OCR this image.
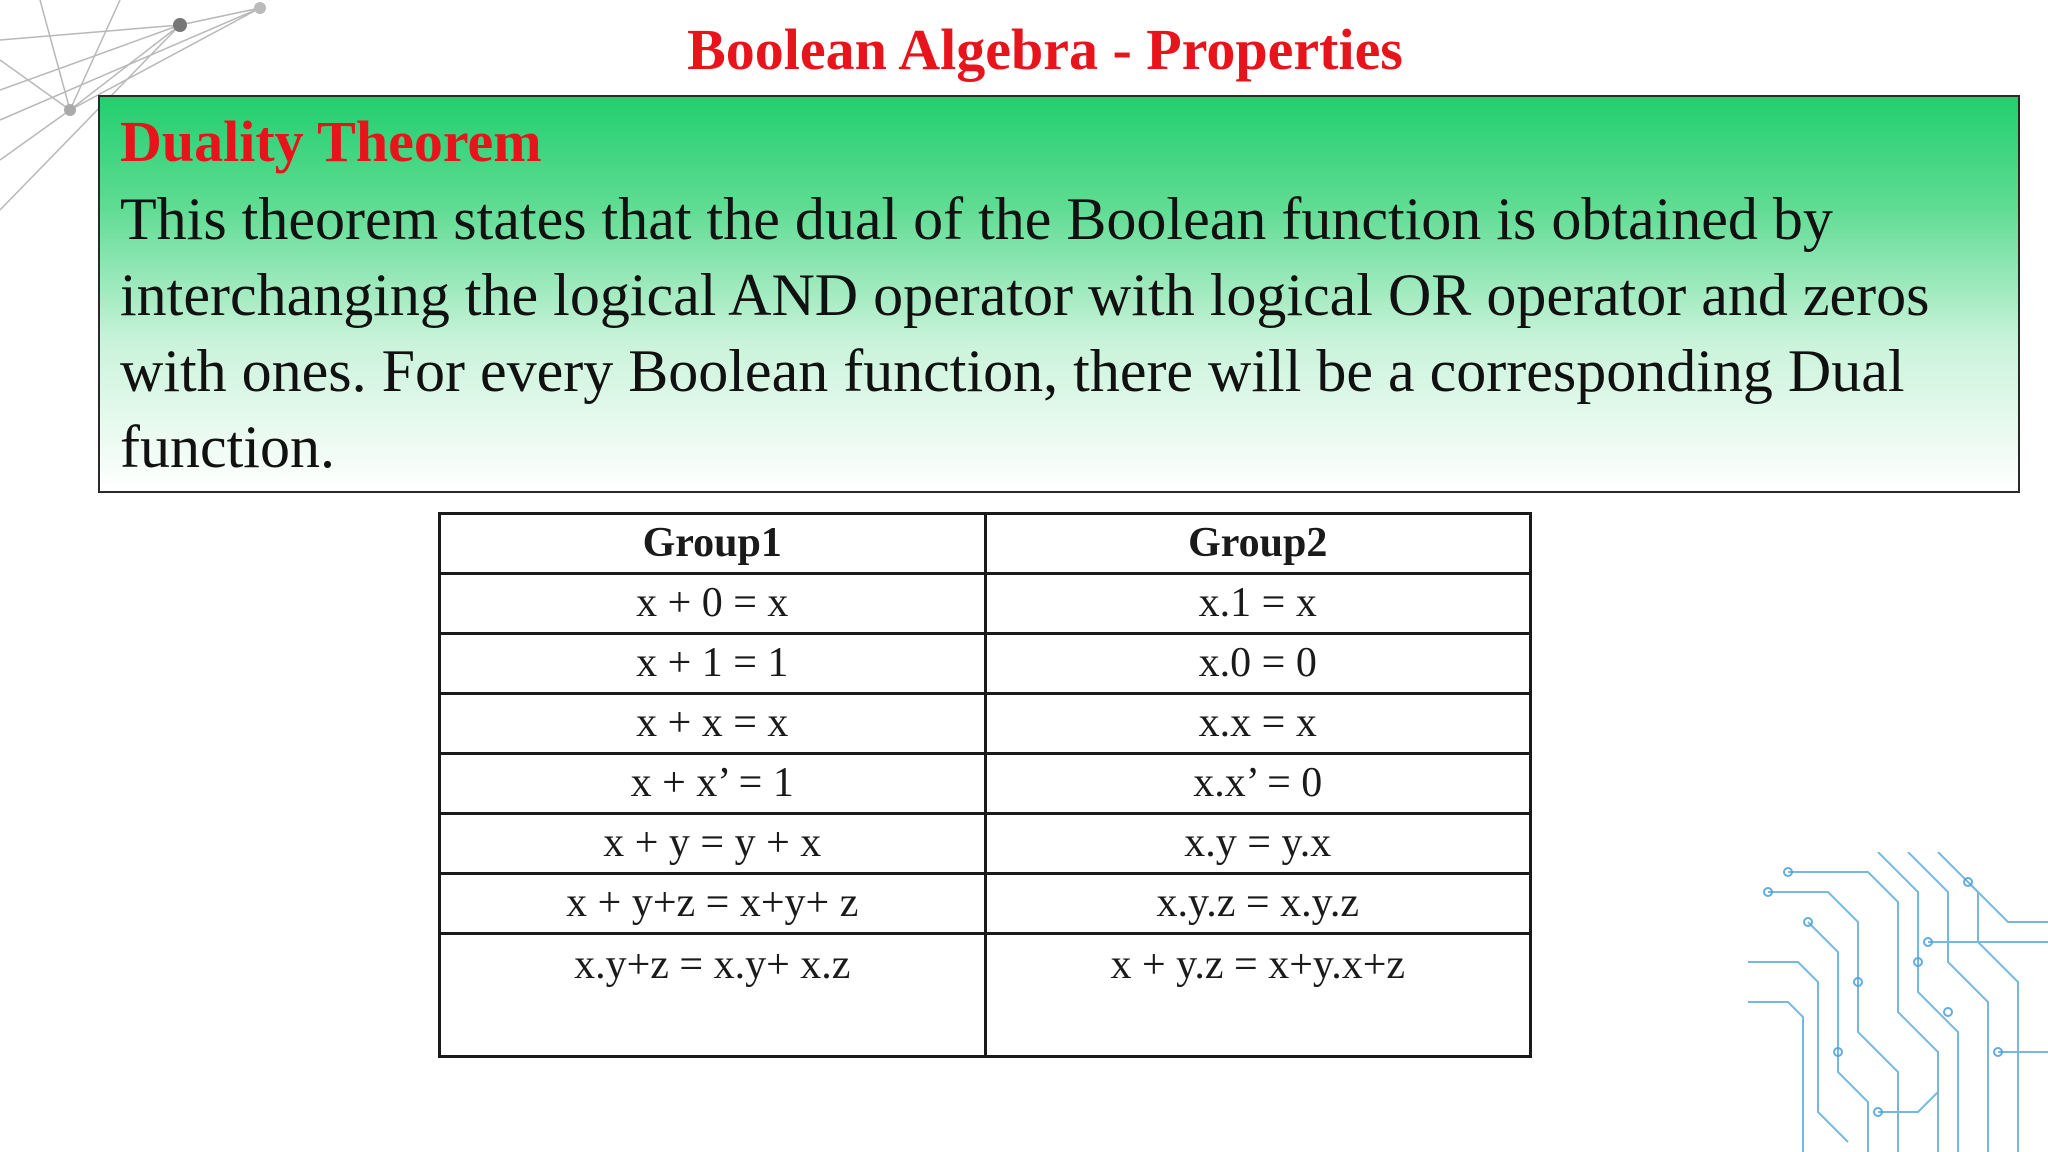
Boolean Algebra - Properties
Duality Theorem

This theorem states that the dual of the Boolean function is obtained by interchanging the logical AND operator with logical OR operator and zeros with ones. For every Boolean function, there will be a corresponding Dual function.

Group1	Group2
x + 0 = x	x.1 = x
x + 1 = 1	x.0 = 0
x + x = x	x.x = x
x + x’ = 1	x.x’ = 0
x + y = y + x	x.y = y.x
x + y+z = x+y+ z	x.y.z = x.y.z
x.y+z = x.y+ x.z	x + y.z = x+y.x+z
